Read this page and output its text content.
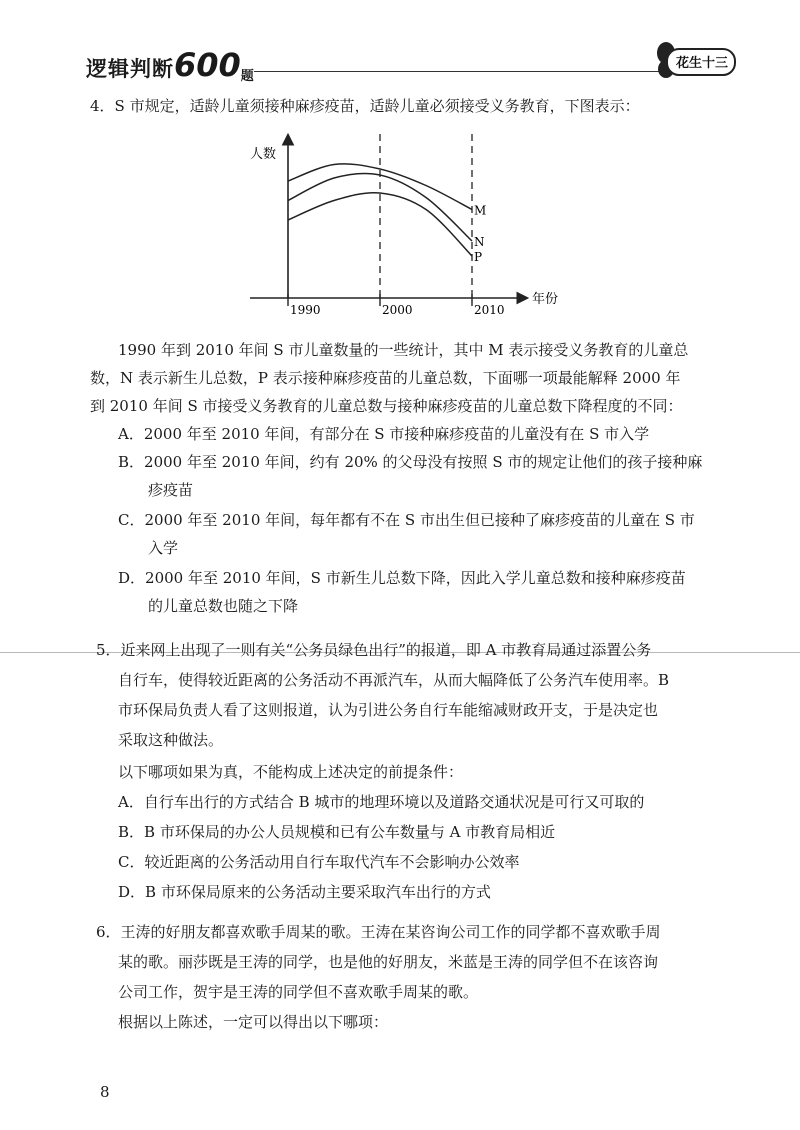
逻辑判断600题
花生十三
4．S 市规定，适龄儿童须接种麻疹疫苗，适龄儿童必须接受义务教育，下图表示：
人数
年份
1990	2000	2010
M
N
P
1990 年到 2010 年间 S 市儿童数量的一些统计，其中 M 表示接受义务教育的儿童总
数，N 表示新生儿总数，P 表示接种麻疹疫苗的儿童总数，下面哪一项最能解释 2000 年
到 2010 年间 S 市接受义务教育的儿童总数与接种麻疹疫苗的儿童总数下降程度的不同：
A．2000 年至 2010 年间，有部分在 S 市接种麻疹疫苗的儿童没有在 S 市入学
B．2000 年至 2010 年间，约有 20% 的父母没有按照 S 市的规定让他们的孩子接种麻
疹疫苗
C．2000 年至 2010 年间，每年都有不在 S 市出生但已接种了麻疹疫苗的儿童在 S 市
入学
D．2000 年至 2010 年间，S 市新生儿总数下降，因此入学儿童总数和接种麻疹疫苗
的儿童总数也随之下降
5．近来网上出现了一则有关“公务员绿色出行”的报道，即 A 市教育局通过添置公务
自行车，使得较近距离的公务活动不再派汽车，从而大幅降低了公务汽车使用率。B
市环保局负责人看了这则报道，认为引进公务自行车能缩减财政开支，于是决定也
采取这种做法。
以下哪项如果为真，不能构成上述决定的前提条件：
A．自行车出行的方式结合 B 城市的地理环境以及道路交通状况是可行又可取的
B．B 市环保局的办公人员规模和已有公车数量与 A 市教育局相近
C．较近距离的公务活动用自行车取代汽车不会影响办公效率
D．B 市环保局原来的公务活动主要采取汽车出行的方式
6．王涛的好朋友都喜欢歌手周某的歌。王涛在某咨询公司工作的同学都不喜欢歌手周
某的歌。丽莎既是王涛的同学，也是他的好朋友，米蓝是王涛的同学但不在该咨询
公司工作，贺宇是王涛的同学但不喜欢歌手周某的歌。
根据以上陈述，一定可以得出以下哪项：
8
